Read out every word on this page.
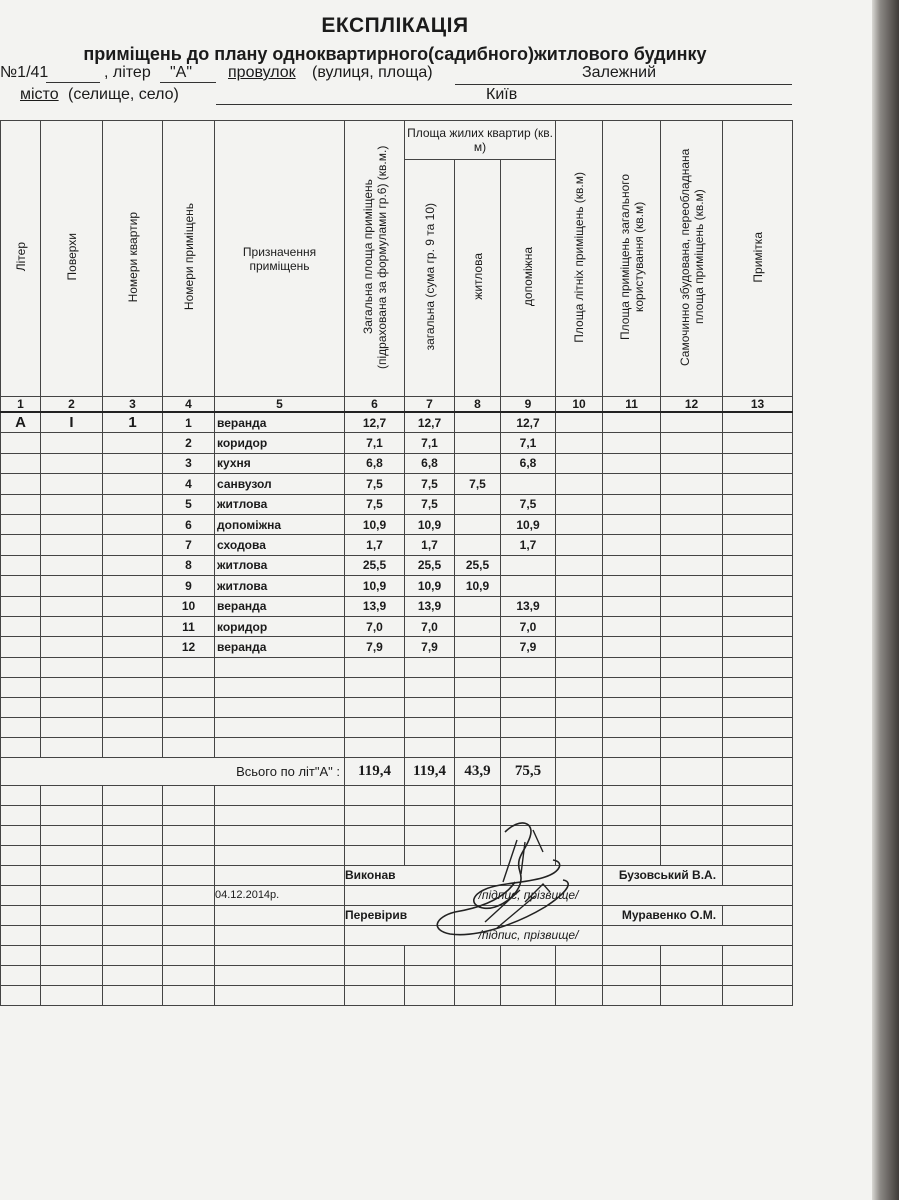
ЕКСПЛІКАЦІЯ
приміщень до плану одноквартирного(садибного)житлового будинку
№1/41	, літер "А" провулок (вулиця, площа)	Залежний
місто (селище, село)	Київ
Літер	Поверхи	Номери квартир	Номери приміщень	Призначення приміщень	Загальна площа приміщень (підрахована за формулами гр.6) (кв.м.)	Площа жилих квартир (кв. м)			Площа літніх приміщень (кв.м)	Площа приміщень загального користування (кв.м)	Самочинно збудована, переобладнана площа приміщень (кв.м)	Примітка
						загальна (сума гр. 9 та 10)	житлова	допоміжна				
1	2	3	4	5	6	7	8	9	10	11	12	13
А	І	1	1	веранда	12,7	12,7		12,7				
			2	коридор	7,1	7,1		7,1				
			3	кухня	6,8	6,8		6,8				
			4	санвузол	7,5	7,5	7,5					
			5	житлова	7,5	7,5		7,5				
			6	допоміжна	10,9	10,9		10,9				
			7	сходова	1,7	1,7		1,7				
			8	житлова	25,5	25,5	25,5					
			9	житлова	10,9	10,9	10,9					
			10	веранда	13,9	13,9		13,9				
			11	коридор	7,0	7,0		7,0				
			12	веранда	7,9	7,9		7,9				

Всього по літ"А" :					119,4	119,4	43,9	75,5				

					Виконав					Бузовський В.А.		
				04.12.2014р.			/підпис, прізвище/					
					Перевірив					Муравенко О.М.		
							/підпис, прізвище/					
